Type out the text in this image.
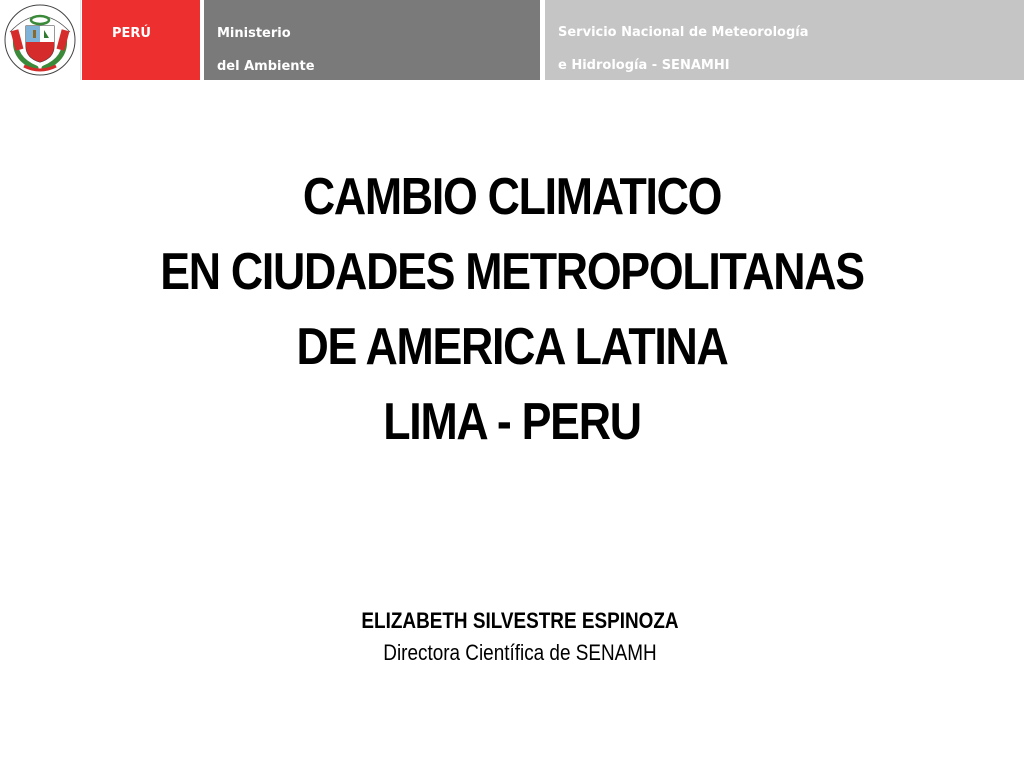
PERÚ	Ministerio
del Ambiente
Servicio Nacional de Meteorología
e Hidrología - SENAMHI
CAMBIO CLIMATICO
EN CIUDADES METROPOLITANAS
DE AMERICA LATINA
LIMA - PERU
ELIZABETH SILVESTRE ESPINOZA
Directora Científica de SENAMH
